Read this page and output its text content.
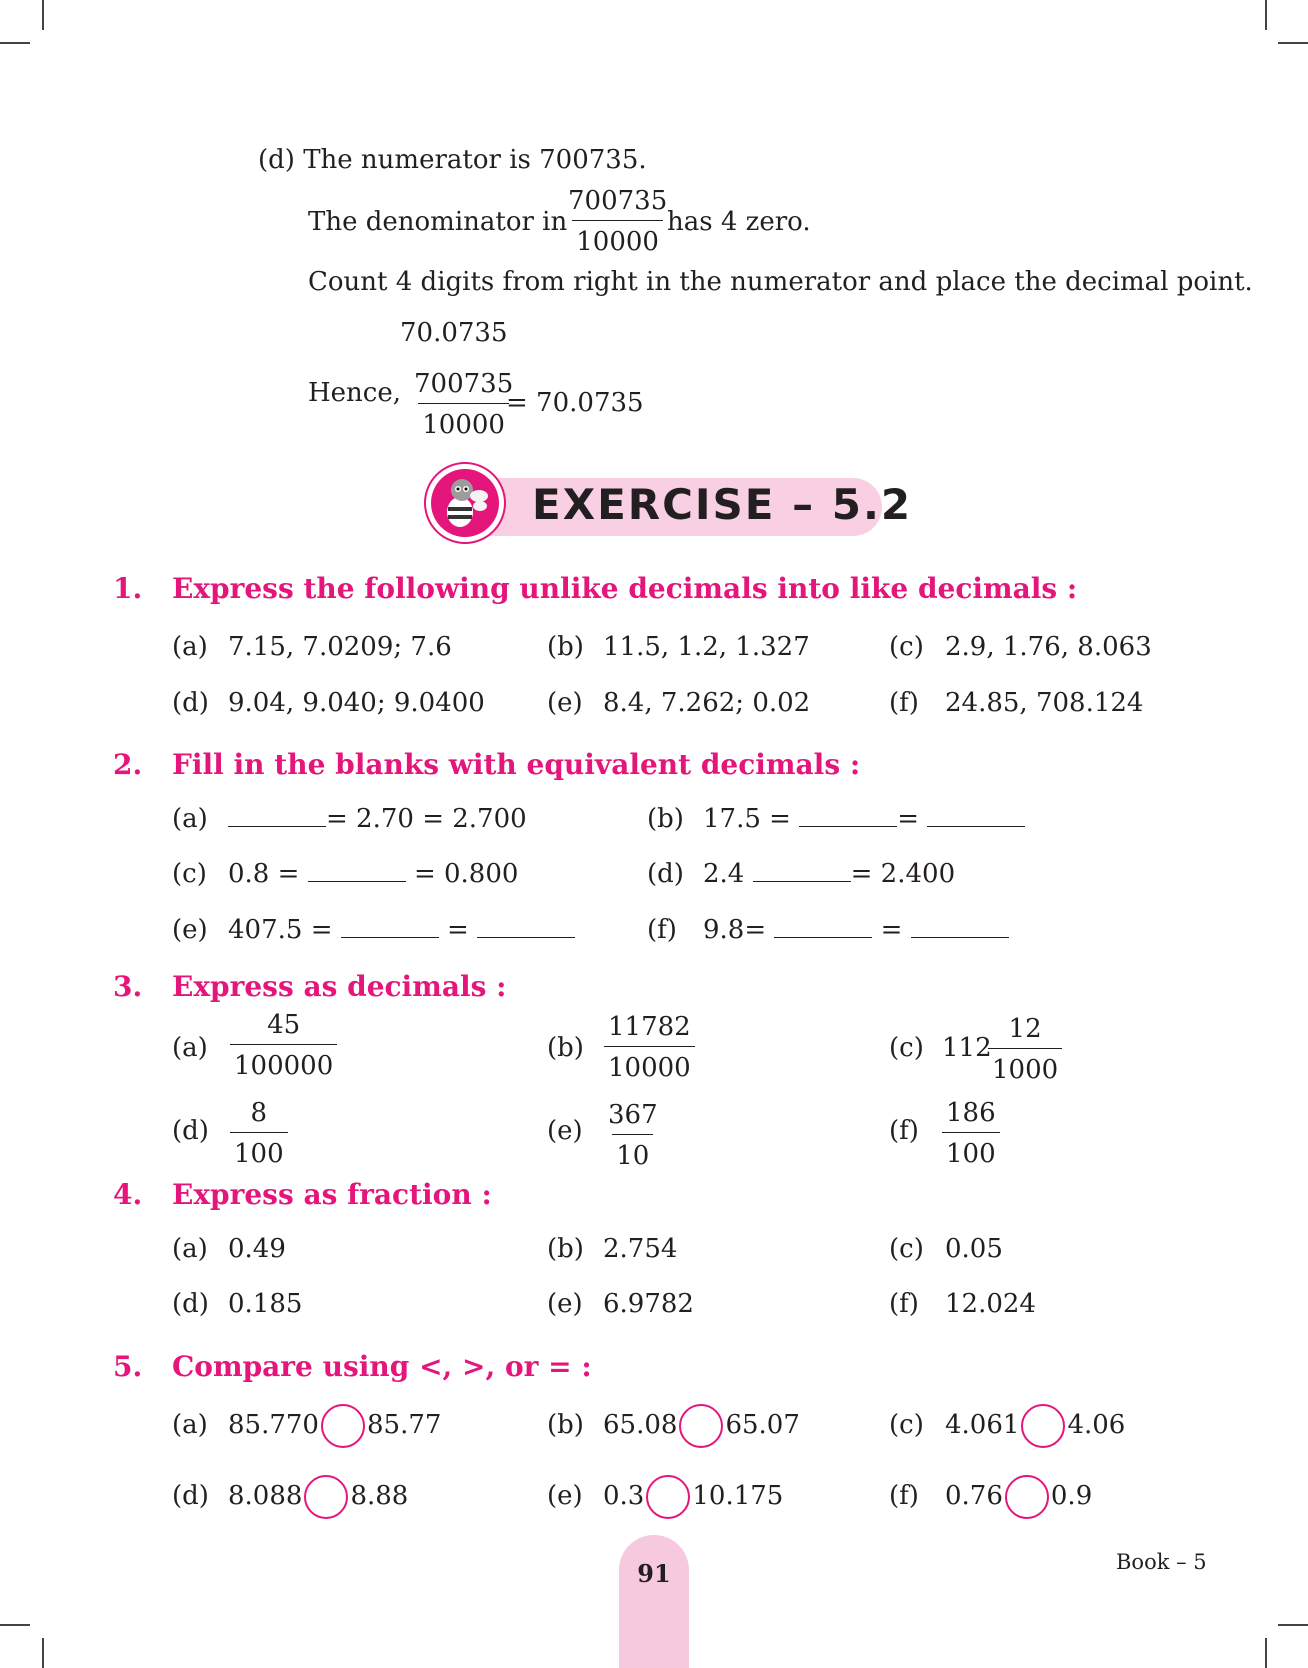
(d) The numerator is 700735.
The denominator in
$\frac{700735}{10000}$
has 4 zero.
Count 4 digits from right in the numerator and place the decimal point.
70.0735
Hence, $\frac{700735}{10000}$
= 70.0735
EXERCISE – 5.2
1. Express the following unlike decimals into like decimals :
(a) 7.15, 7.0209; 7.6	(b) 11.5, 1.2, 1.327	(c) 2.9, 1.76, 8.063
(d) 9.04, 9.040; 9.0400 (e) 8.4, 7.262; 0.02	(f) 24.85, 708.124
2. Fill in the blanks with equivalent decimals :
(a)	= 2.70 = 2.700	(b) 17.5 =	=
(c) 0.8 =	= 0.800	(d) 2.4	= 2.400
(e) 407.5 =	=	(f) 9.8=	=
3. Express as decimals :
$(a) \frac{45}{100000}$	$(b) \frac{11782}{10000}$	(c) 112
$\frac{12}{1000}$
$(d) \frac{8}{100}$	$(e) \frac{367}{10}$	$(f) \frac{186}{100}$
4. Express as fraction :
(a) 0.49	(b) 2.754	(c) 0.05
(d) 0.185	(e) 6.9782	(f) 12.024
5. Compare using <, >, or = :
(a) 85.770 85.77	(b) 65.08 65.07	(c) 4.061 4.06
(d) 8.088 8.88	(e) 0.3 10.175	(f) 0.76 0.9
91	Book – 5
